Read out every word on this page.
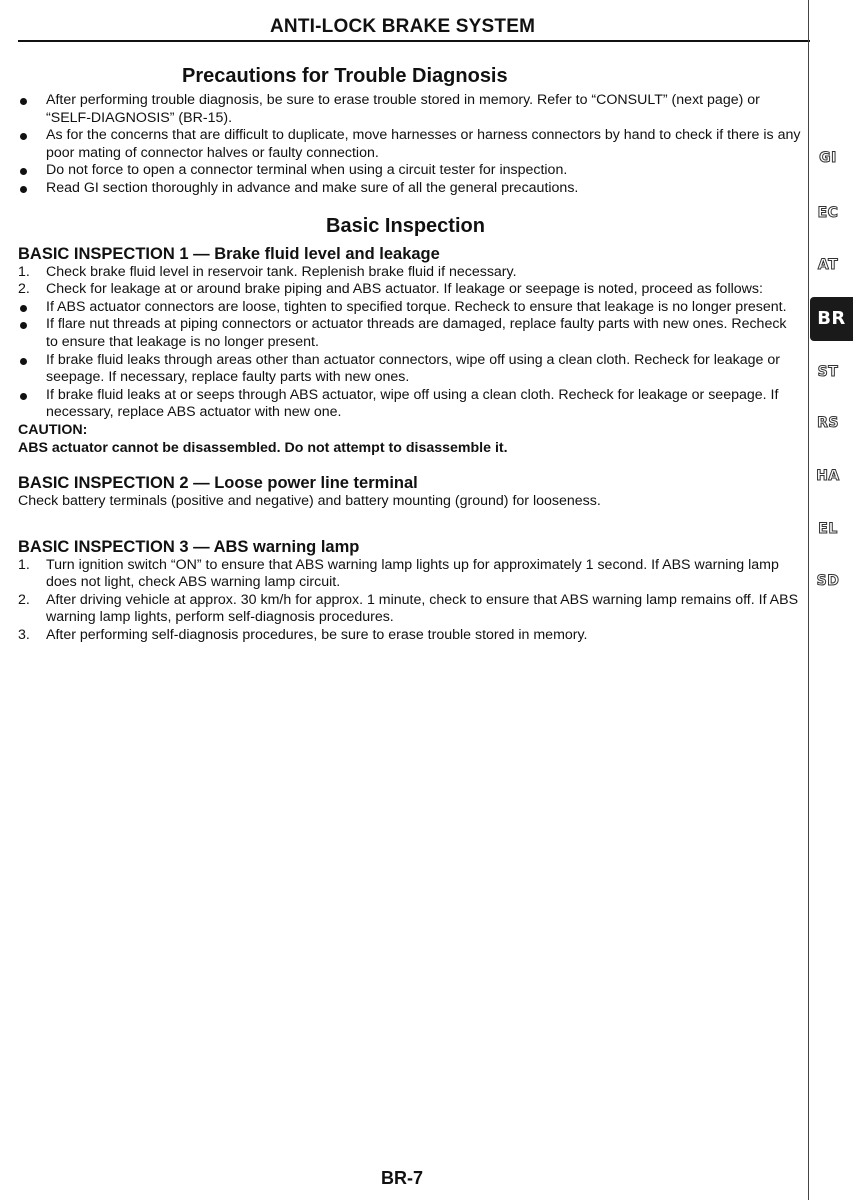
ANTI-LOCK BRAKE SYSTEM
Precautions for Trouble Diagnosis

After performing trouble diagnosis, be sure to erase trouble stored in memory. Refer to “CONSULT” (next page) or “SELF-DIAGNOSIS” (BR-15).

As for the concerns that are difficult to duplicate, move harnesses or harness connectors by hand to check if there is any poor mating of connector halves or faulty connection.

Do not force to open a connector terminal when using a circuit tester for inspection.

Read GI section thoroughly in advance and make sure of all the general precautions.

Basic Inspection
BASIC INSPECTION 1 — Brake fluid level and leakage

1.	Check brake fluid level in reservoir tank. Replenish brake fluid if necessary.

2.	Check for leakage at or around brake piping and ABS actuator. If leakage or seepage is noted, proceed as follows:

If ABS actuator connectors are loose, tighten to specified torque. Recheck to ensure that leakage is no longer present.

If flare nut threads at piping connectors or actuator threads are damaged, replace faulty parts with new ones. Recheck to ensure that leakage is no longer present.

If brake fluid leaks through areas other than actuator connectors, wipe off using a clean cloth. Recheck for leakage or seepage. If necessary, replace faulty parts with new ones.

If brake fluid leaks at or seeps through ABS actuator, wipe off using a clean cloth. Recheck for leakage or seepage. If necessary, replace ABS actuator with new one.

CAUTION:

ABS actuator cannot be disassembled. Do not attempt to disassemble it.

BASIC INSPECTION 2 — Loose power line terminal

Check battery terminals (positive and negative) and battery mounting (ground) for looseness.

BASIC INSPECTION 3 — ABS warning lamp

1.	Turn ignition switch “ON” to ensure that ABS warning lamp lights up for approximately 1 second. If ABS warning lamp does not light, check ABS warning lamp circuit.

2.	After driving vehicle at approx. 30 km/h for approx. 1 minute, check to ensure that ABS warning lamp remains off. If ABS warning lamp lights, perform self-diagnosis procedures.

3.	After performing self-diagnosis procedures, be sure to erase trouble stored in memory.

GI
EC
AT
BR
ST
RS
HA
EL
SD
BR-7
